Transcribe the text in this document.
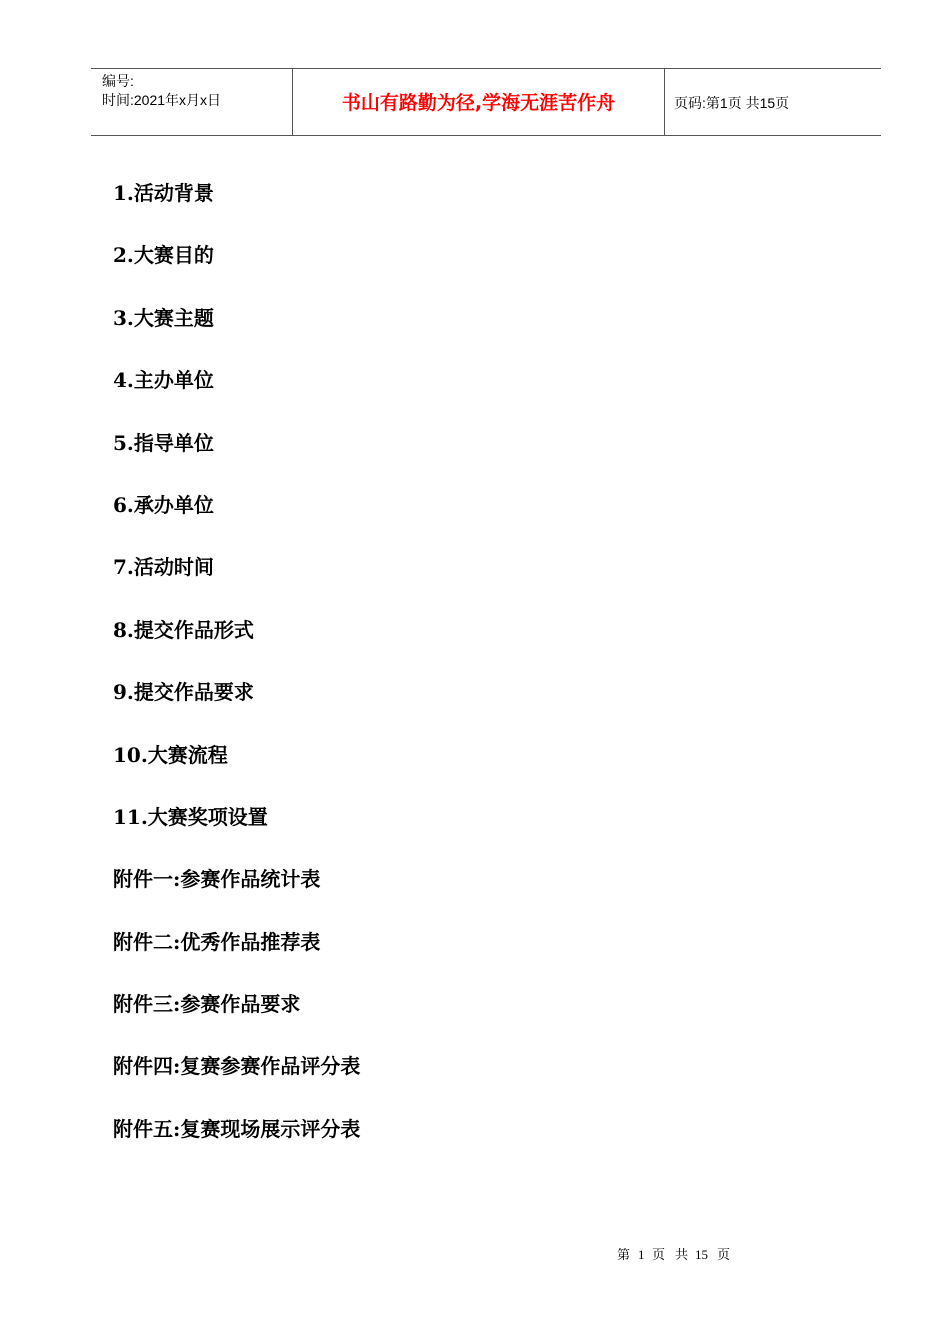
编号:
时间:2021年x月x日	书山有路勤为径,学海无涯苦作舟	页码:第1页 共15页
1.活动背景
2.大赛目的
3.大赛主题
4.主办单位
5.指导单位
6.承办单位
7.活动时间
8.提交作品形式
9.提交作品要求
10.大赛流程
11.大赛奖项设置
附件一:参赛作品统计表
附件二:优秀作品推荐表
附件三:参赛作品要求
附件四:复赛参赛作品评分表
附件五:复赛现场展示评分表
第 1 页 共 15 页
